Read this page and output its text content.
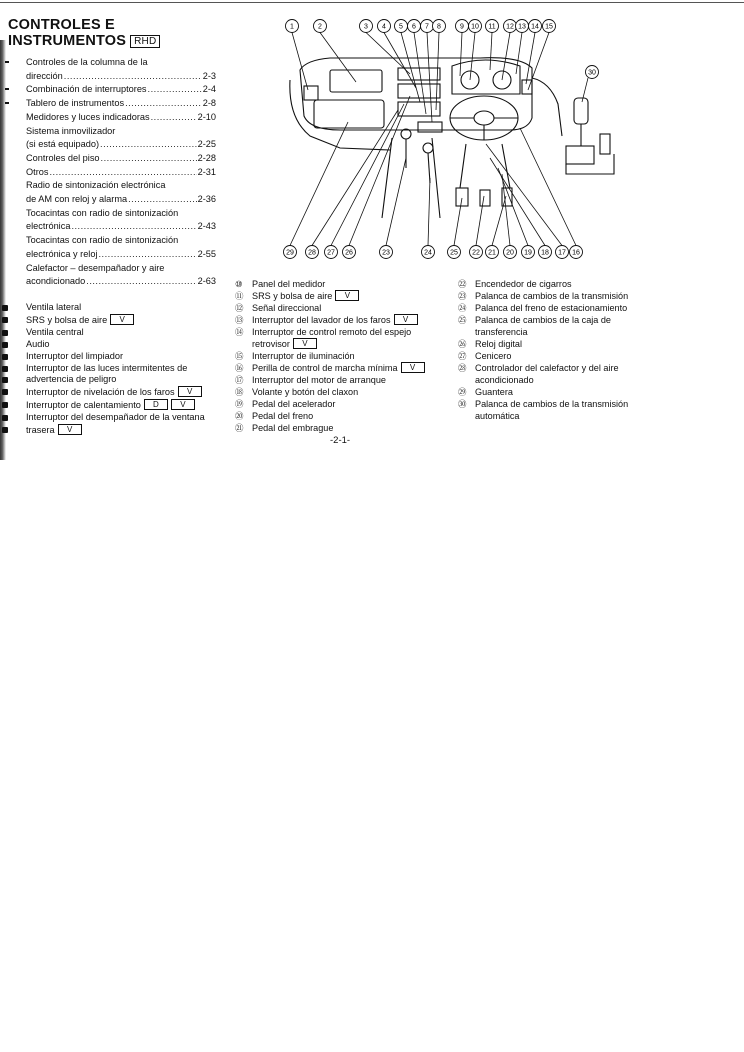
CONTROLES E
INSTRUMENTOS RHD
Controles de la columna de la
dirección .....	2-3
Combinación de interruptores .....	2-4
Tablero de instrumentos .....	2-8
Medidores y luces indicadoras .....	2-10
Sistema inmovilizador
(si está equipado) .....	2-25
Controles del piso .....	2-28
Otros .....	2-31
Radio de sintonización electrónica
de AM con reloj y alarma .....	2-36
Tocacintas con radio de sintonización
electrónica .....	2-43
Tocacintas con radio de sintonización
electrónica y reloj .....	2-55
Calefactor – desempañador y aire
acondicionado .....	2-63
Ventila lateral
SRS y bolsa de aire V
Ventila central
Audio
Interruptor del limpiador
Interruptor de las luces intermitentes de
advertencia de peligro
Interruptor de nivelación de los faros V
Interruptor de calentamiento D	V
Interruptor del desempañador de la ventana
trasera V
1	2	3 4 5 6 7 8	9 10 11 12 13 14 15
29 28 27 26	23	24	25 22 21 20 19 18 17 16
30
⑩	Panel del medidor
⑪ SRS y bolsa de aire V
⑫ Señal direccional
⑬ Interruptor del lavador de los faros V
⑭ Interruptor de control remoto del espejo
retrovisor V
⑮ Interruptor de iluminación
⑯ Perilla de control de marcha mínima V
⑰ Interruptor del motor de arranque
⑱ Volante y botón del claxon
⑲ Pedal del acelerador
⑳ Pedal del freno
㉑ Pedal del embrague
㉒ Encendedor de cigarros
㉓ Palanca de cambios de la transmisión
㉔ Palanca del freno de estacionamiento
㉕ Palanca de cambios de la caja de
transferencia
㉖ Reloj digital
㉗ Cenicero
㉘ Controlador del calefactor y del aire
acondicionado
㉙ Guantera
㉚ Palanca de cambios de la transmisión
automática
-2-1-
